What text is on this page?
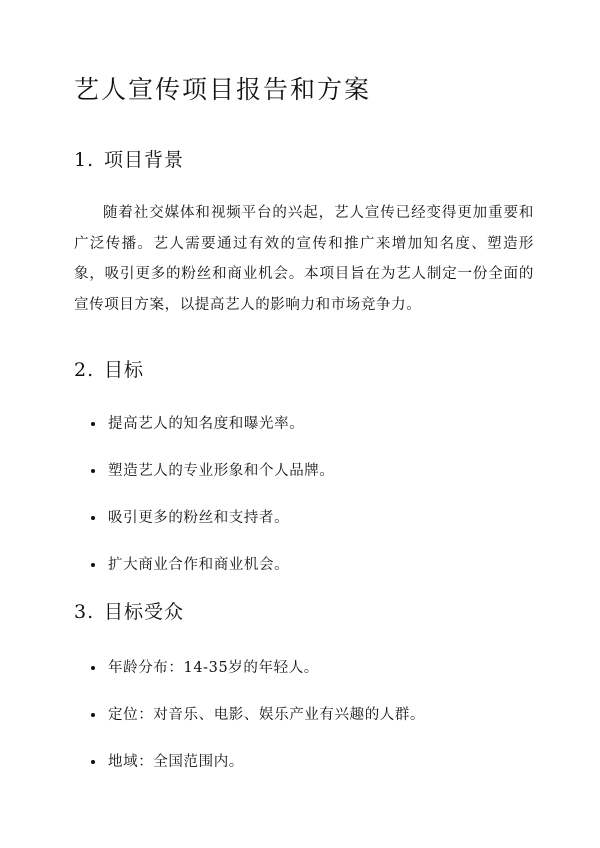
艺人宣传项目报告和方案
1. 项目背景

随着社交媒体和视频平台的兴起，艺人宣传已经变得更加重要和广泛传播。艺人需要通过有效的宣传和推广来增加知名度、塑造形象，吸引更多的粉丝和商业机会。本项目旨在为艺人制定一份全面的宣传项目方案，以提高艺人的影响力和市场竞争力。

2. 目标
提高艺人的知名度和曝光率。
塑造艺人的专业形象和个人品牌。
吸引更多的粉丝和支持者。
扩大商业合作和商业机会。
3. 目标受众
年龄分布：14-35岁的年轻人。
定位：对音乐、电影、娱乐产业有兴趣的人群。
地域：全国范围内。
